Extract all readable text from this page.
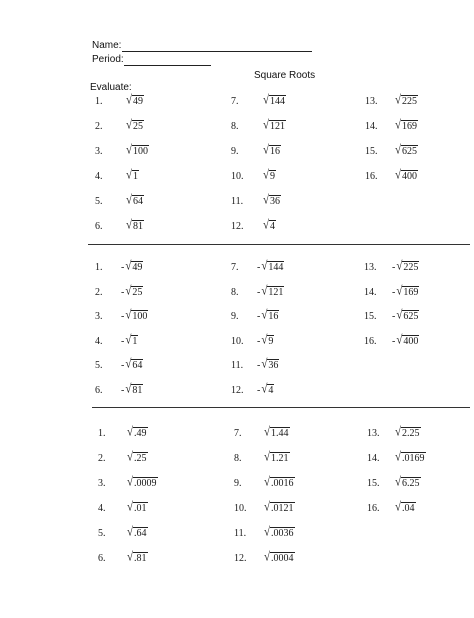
Name:
Period:
Square Roots
Evaluate:
1. √ 49
2. √ 25
3. √ 100
4. √ 1
5. √ 64
6. √ 81
7. √ 144
8. √ 121
9. √ 16
10. √ 9
11. √ 36
12. √ 4
13. √ 225
14. √ 169
15. √ 625
16. √ 400
1. - √ 49
2. - √ 25
3. - √ 100
4. - √ 1
5. - √ 64
6. - √ 81
7. - √ 144
8. - √ 121
9. - √ 16
10. - √ 9
11. - √ 36
12. - √ 4
13. - √ 225
14. - √ 169
15. - √ 625
16. - √ 400
1. √ .49
2. √ .25
3. √ .0009
4. √ .01
5. √ .64
6. √ .81
7. √ 1.44
8. √ 1.21
9. √ .0016
10. √ .0121
11. √ .0036
12. √ .0004
13. √ 2.25
14. √ .0169
15. √ 6.25
16. √ .04
